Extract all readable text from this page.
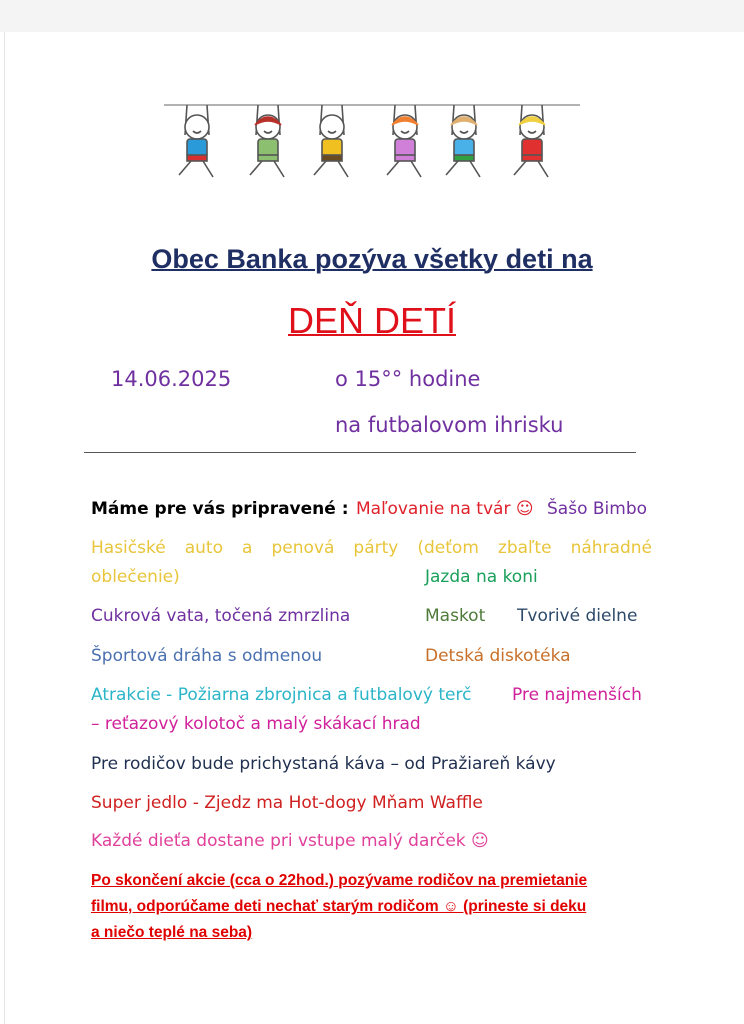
Obec Banka pozýva všetky deti na
DEŇ DETÍ
14.06.2025	o 15°° hodine
na futbalovom ihrisku
Máme pre vás pripravené : Maľovanie na tvár ☺ Šašo Bimbo
Hasičské auto a penová párty (deťom zbaľte náhradné
oblečenie)	Jazda na koni
Cukrová vata, točená zmrzlina	Maskot Tvorivé dielne
Športová dráha s odmenou	Detská diskotéka
Atrakcie - Požiarna zbrojnica a futbalový terč Pre najmenších
– reťazový kolotoč a malý skákací hrad
Pre rodičov bude prichystaná káva – od Pražiareň kávy
Super jedlo - Zjedz ma Hot-dogy Mňam Waffle
Každé dieťa dostane pri vstupe malý darček ☺
Po skončení akcie (cca o 22hod.) pozývame rodičov na premietanie
filmu, odporúčame deti nechať starým rodičom ☺ (prineste si deku
a niečo teplé na seba)
